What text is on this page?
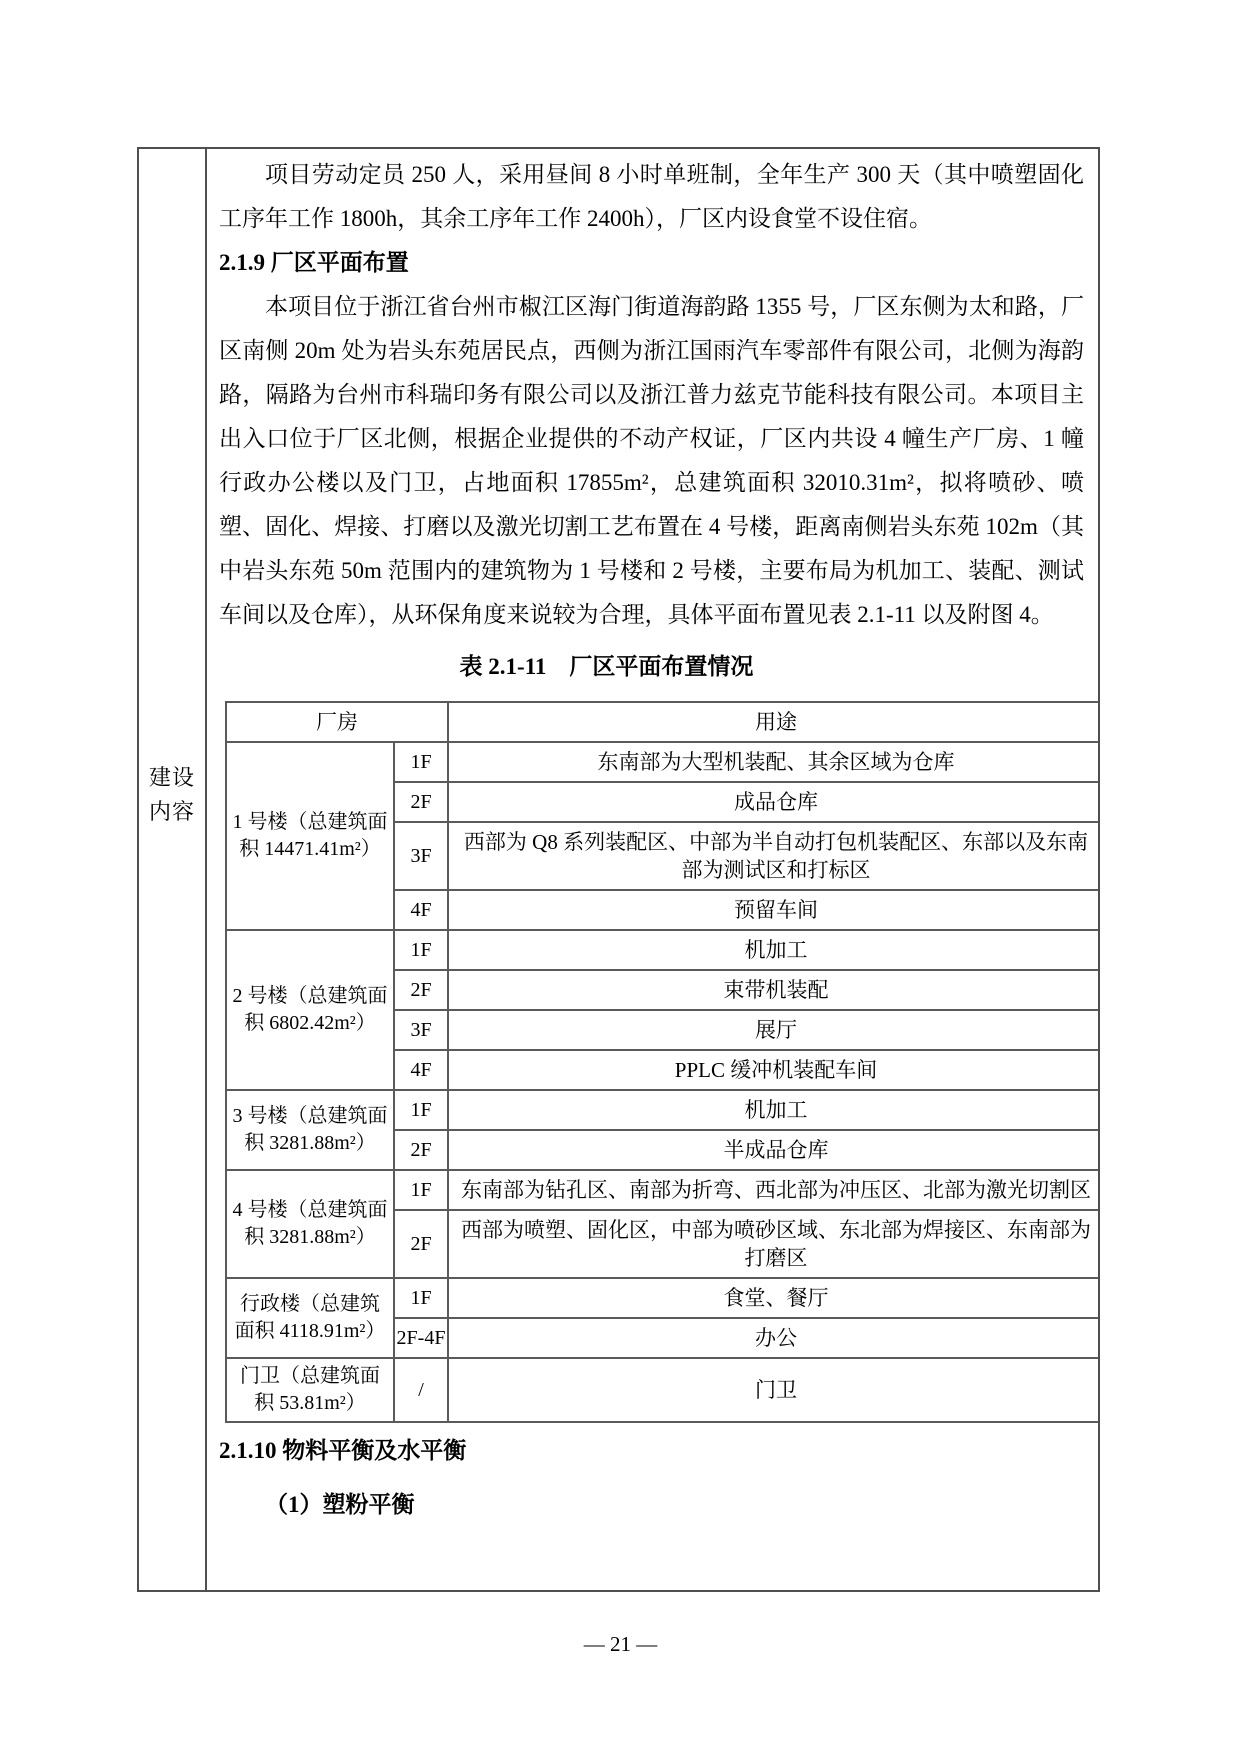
建设内容

项目劳动定员 250 人，采用昼间 8 小时单班制，全年生产 300 天（其中喷塑固化工序年工作 1800h，其余工序年工作 2400h），厂区内设食堂不设住宿。

2.1.9 厂区平面布置

本项目位于浙江省台州市椒江区海门街道海韵路 1355 号，厂区东侧为太和路，厂区南侧 20m 处为岩头东苑居民点，西侧为浙江国雨汽车零部件有限公司，北侧为海韵路，隔路为台州市科瑞印务有限公司以及浙江普力兹克节能科技有限公司。本项目主出入口位于厂区北侧，根据企业提供的不动产权证，厂区内共设 4 幢生产厂房、1 幢行政办公楼以及门卫，占地面积 17855m²，总建筑面积 32010.31m²，拟将喷砂、喷塑、固化、焊接、打磨以及激光切割工艺布置在 4 号楼，距离南侧岩头东苑 102m（其中岩头东苑 50m 范围内的建筑物为 1 号楼和 2 号楼，主要布局为机加工、装配、测试车间以及仓库），从环保角度来说较为合理，具体平面布置见表 2.1-11 以及附图 4。

表 2.1-11　厂区平面布置情况
厂房		用途
1 号楼（总建筑面积 14471.41m²）	1F	东南部为大型机装配、其余区域为仓库
	2F	成品仓库
	3F	西部为 Q8 系列装配区、中部为半自动打包机装配区、东部以及东南部为测试区和打标区
	4F	预留车间
2 号楼（总建筑面积 6802.42m²）	1F	机加工
	2F	束带机装配
	3F	展厅
	4F	PPLC 缓冲机装配车间
3 号楼（总建筑面积 3281.88m²）	1F	机加工
	2F	半成品仓库
4 号楼（总建筑面积 3281.88m²）	1F	东南部为钻孔区、南部为折弯、西北部为冲压区、北部为激光切割区
	2F	西部为喷塑、固化区，中部为喷砂区域、东北部为焊接区、东南部为打磨区
行政楼（总建筑面积 4118.91m²）	1F	食堂、餐厅
	2F-4F	办公
门卫（总建筑面积 53.81m²）	/	门卫
2.1.10 物料平衡及水平衡

（1）塑粉平衡

— 21 —
